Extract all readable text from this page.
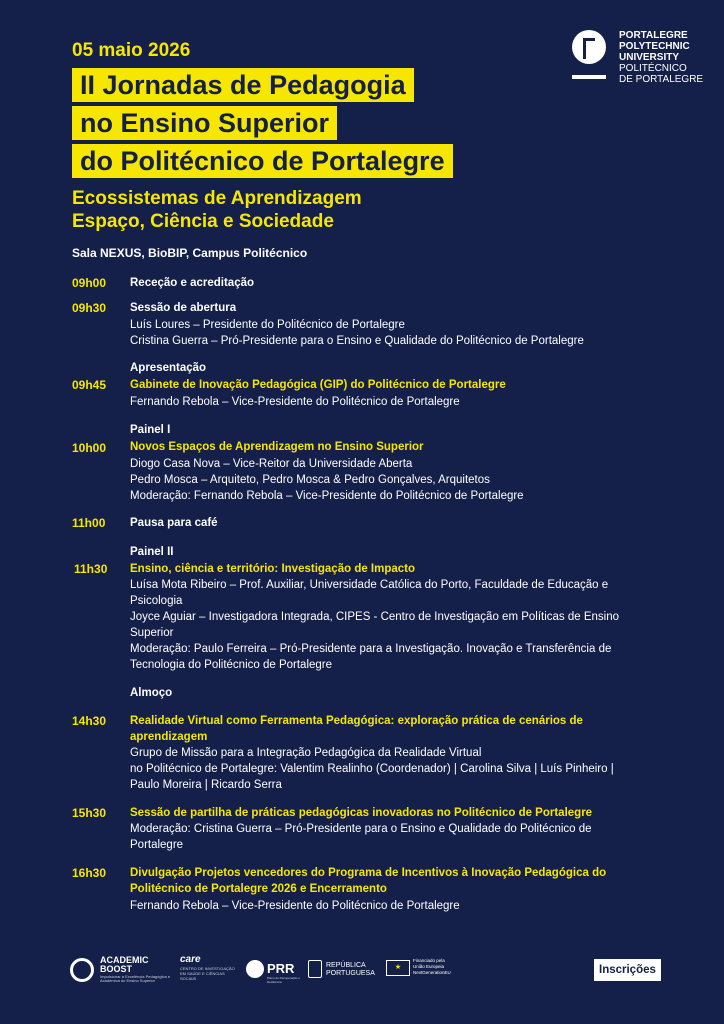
05 maio 2026
II Jornadas de Pedagogia
no Ensino Superior
do Politécnico de Portalegre
Ecossistemas de Aprendizagem
Espaço, Ciência e Sociedade
Sala NEXUS, BioBIP, Campus Politécnico
PORTALEGRE
POLYTECHNIC
UNIVERSITY
POLITÉCNICO
DE PORTALEGRE
09h00 Receção e acreditação
09h30 Sessão de abertura
Luís Loures – Presidente do Politécnico de Portalegre
Cristina Guerra – Pró-Presidente para o Ensino e Qualidade do Politécnico de Portalegre
Apresentação
09h45 Gabinete de Inovação Pedagógica (GIP) do Politécnico de Portalegre
Fernando Rebola – Vice-Presidente do Politécnico de Portalegre
Painel I
10h00 Novos Espaços de Aprendizagem no Ensino Superior
Diogo Casa Nova – Vice-Reitor da Universidade Aberta
Pedro Mosca – Arquiteto, Pedro Mosca & Pedro Gonçalves, Arquitetos
Moderação: Fernando Rebola – Vice-Presidente do Politécnico de Portalegre
11h00 Pausa para café
Painel II
11h30 Ensino, ciência e território: Investigação de Impacto
Luísa Mota Ribeiro – Prof. Auxiliar, Universidade Católica do Porto, Faculdade de Educação e
Psicologia
Joyce Aguiar – Investigadora Integrada, CIPES - Centro de Investigação em Políticas de Ensino
Superior
Moderação: Paulo Ferreira – Pró-Presidente para a Investigação. Inovação e Transferência de
Tecnologia do Politécnico de Portalegre
Almoço
14h30 Realidade Virtual como Ferramenta Pedagógica: exploração prática de cenários de
aprendizagem
Grupo de Missão para a Integração Pedagógica da Realidade Virtual
no Politécnico de Portalegre: Valentim Realinho (Coordenador) | Carolina Silva | Luís Pinheiro |
Paulo Moreira | Ricardo Serra
15h30 Sessão de partilha de práticas pedagógicas inovadoras no Politécnico de Portalegre
Moderação: Cristina Guerra – Pró-Presidente para o Ensino e Qualidade do Politécnico de
Portalegre
16h30 Divulgação Projetos vencedores do Programa de Incentivos à Inovação Pedagógica do
Politécnico de Portalegre 2026 e Encerramento
Fernando Rebola – Vice-Presidente do Politécnico de Portalegre
ACADEMIC
BOOST
Impulsionar a Excelência Pedagógica e Académica do Ensino Superior
care
CENTRO DE INVESTIGAÇÃO EM SAÚDE E CIÊNCIAS SOCIAIS
PRR
Plano de Recuperação e Resiliência
REPÚBLICA
PORTUGUESA
★
Financiado pela
União Europeia
NextGenerationEU	Inscrições
